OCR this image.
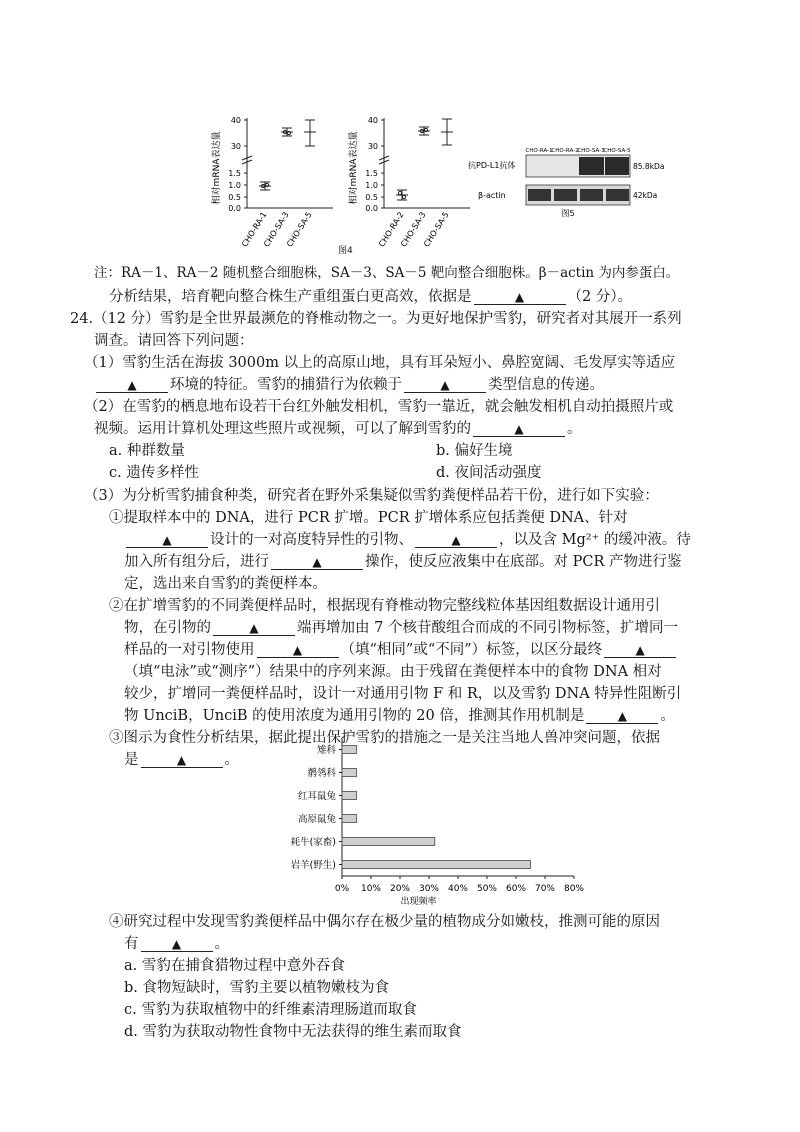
相对mRNA表达量
40
30
1.5
1.0
0.5
0.0
CHO-RA-1
CHO-SA-3
CHO-SA-5
相对mRNA表达量
40
30
1.5
1.0
0.5
0.0
CHO-RA-2
CHO-SA-3
CHO-SA-5
图4
CHO-RA-1
CHO-RA-2
CHO-SA-3
CHO-SA-5
抗PD-L1抗体
β-actin
85.8kDa
42kDa
图5
注：RA－1、RA－2 随机整合细胞株，SA－3、SA－5 靶向整合细胞株。β－actin 为内参蛋白。
分析结果，培育靶向整合株生产重组蛋白更高效，依据是	▲	（2 分）。
24.（12 分）雪豹是全世界最濒危的脊椎动物之一。为更好地保护雪豹，研究者对其展开一系列
调查。请回答下列问题：
（1）雪豹生活在海拔 3000m 以上的高原山地，具有耳朵短小、鼻腔宽阔、毛发厚实等适应
▲ 环境的特征。雪豹的捕猎行为依赖于	▲	类型信息的传递。
（2）在雪豹的栖息地布设若干台红外触发相机，雪豹一靠近，就会触发相机自动拍摄照片或
视频。运用计算机处理这些照片或视频，可以了解到雪豹的	▲	。
a. 种群数量	b. 偏好生境
c. 遗传多样性	d. 夜间活动强度
（3）为分析雪豹捕食种类，研究者在野外采集疑似雪豹粪便样品若干份，进行如下实验：
①提取样本中的 DNA，进行 PCR 扩增。PCR 扩增体系应包括粪便 DNA、针对
▲	设计的一对高度特异性的引物、	▲	，以及含 Mg²⁺ 的缓冲液。待
加入所有组分后，进行	▲	操作，使反应液集中在底部。对 PCR 产物进行鉴
定，选出来自雪豹的粪便样本。
②在扩增雪豹的不同粪便样品时，根据现有脊椎动物完整线粒体基因组数据设计通用引
物，在引物的	▲	端再增加由 7 个核苷酸组合而成的不同引物标签，扩增同一
样品的一对引物使用	▲	（填“相同”或“不同”）标签，以区分最终	▲
（填“电泳”或“测序”）结果中的序列来源。由于残留在粪便样本中的食物 DNA 相对
较少，扩增同一粪便样品时，设计一对通用引物 F 和 R，以及雪豹 DNA 特异性阻断引
物 UnciB，UnciB 的使用浓度为通用引物的 20 倍，推测其作用机制是	▲ 。
③图示为食性分析结果，据此提出保护雪豹的措施之一是关注当地人兽冲突问题，依据
是	▲	。
雉科
鹡鸰科
红耳鼠兔
高原鼠兔
耗牛(家畜)
岩羊(野生)
0% 10% 20% 30% 40% 50% 60% 70% 80%
出现频率
④研究过程中发现雪豹粪便样品中偶尔存在极少量的植物成分如嫩枝，推测可能的原因
有	▲ 。
a. 雪豹在捕食猎物过程中意外吞食
b. 食物短缺时，雪豹主要以植物嫩枝为食
c. 雪豹为获取植物中的纤维素清理肠道而取食
d. 雪豹为获取动物性食物中无法获得的维生素而取食
